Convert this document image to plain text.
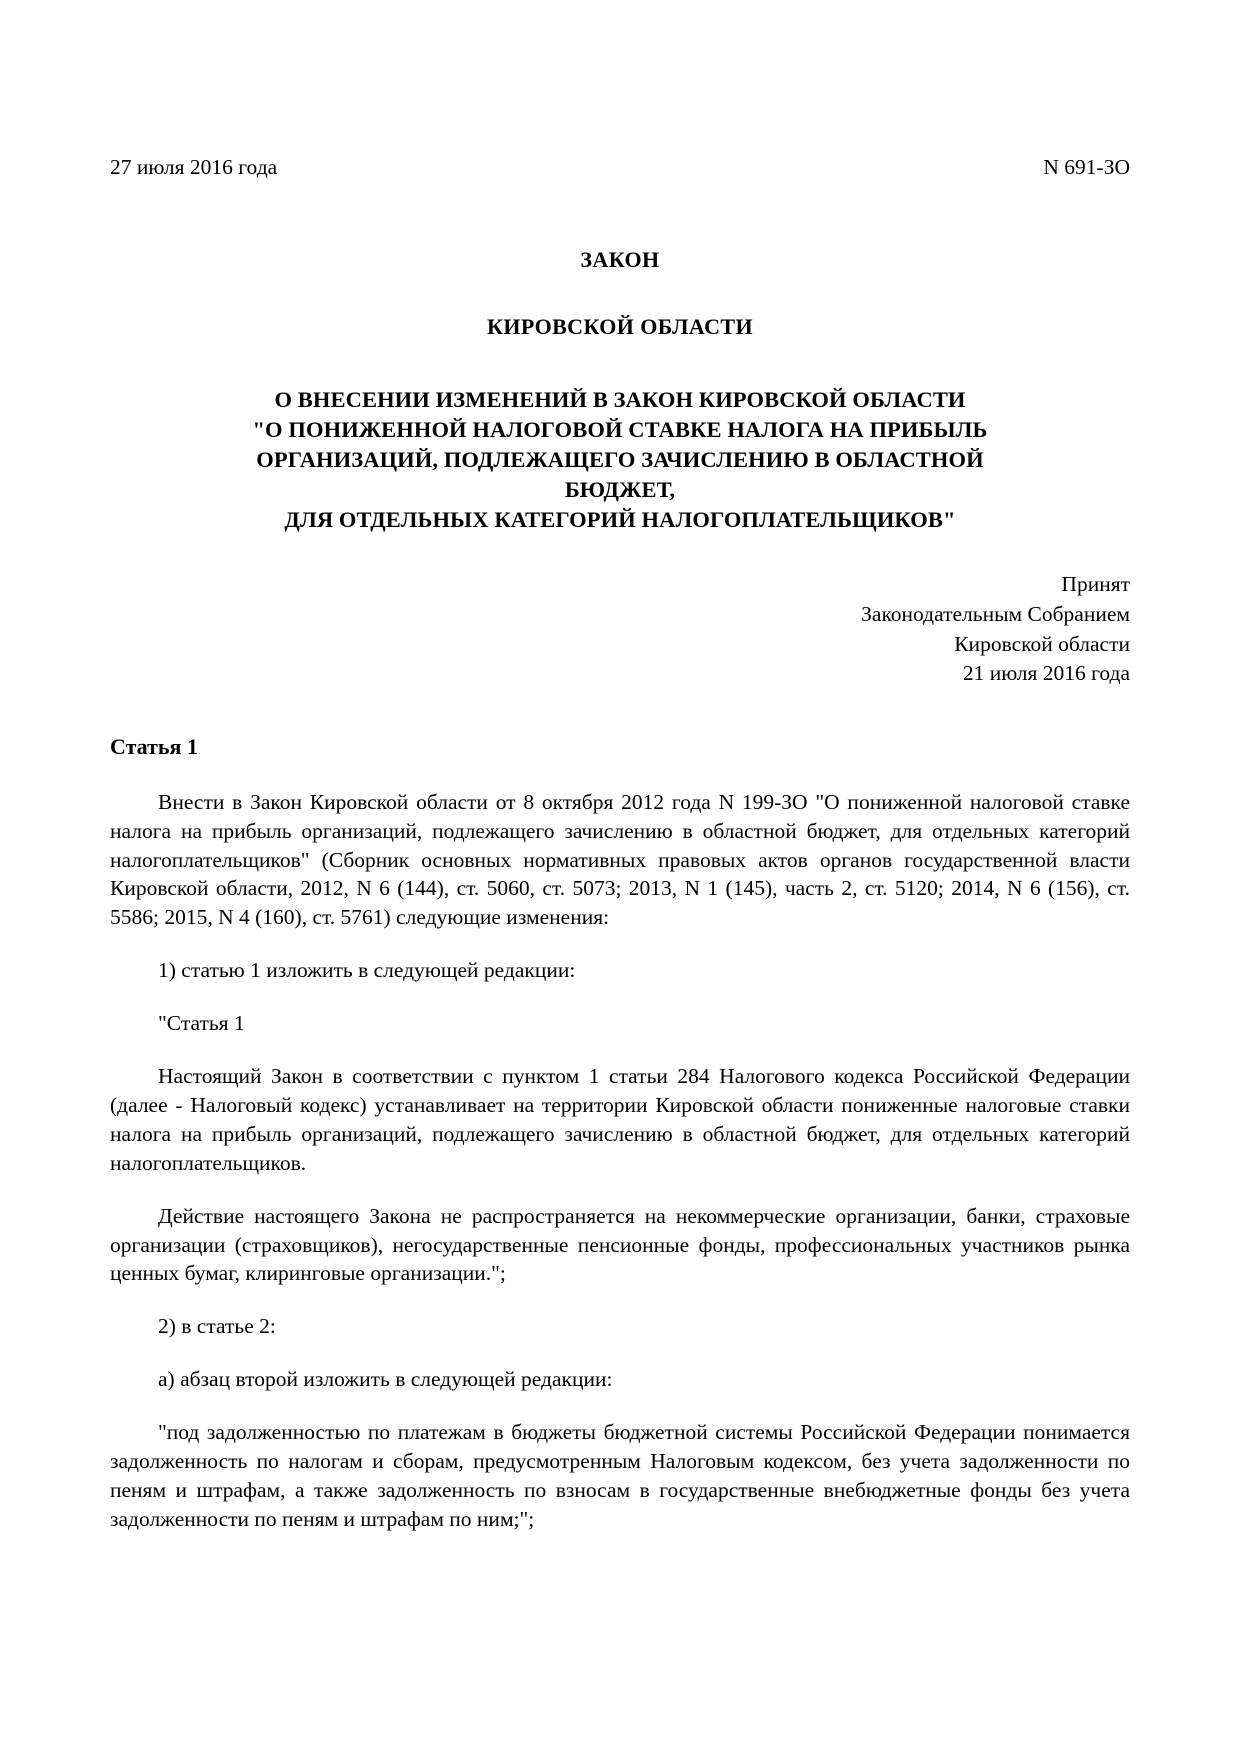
27 июля 2016 года	N 691-ЗО
ЗАКОН
КИРОВСКОЙ ОБЛАСТИ
О ВНЕСЕНИИ ИЗМЕНЕНИЙ В ЗАКОН КИРОВСКОЙ ОБЛАСТИ
"О ПОНИЖЕННОЙ НАЛОГОВОЙ СТАВКЕ НАЛОГА НА ПРИБЫЛЬ
ОРГАНИЗАЦИЙ, ПОДЛЕЖАЩЕГО ЗАЧИСЛЕНИЮ В ОБЛАСТНОЙ
БЮДЖЕТ,
ДЛЯ ОТДЕЛЬНЫХ КАТЕГОРИЙ НАЛОГОПЛАТЕЛЬЩИКОВ"
Принят
Законодательным Собранием
Кировской области
21 июля 2016 года
Статья 1

Внести в Закон Кировской области от 8 октября 2012 года N 199-ЗО "О пониженной налоговой ставке налога на прибыль организаций, подлежащего зачислению в областной бюджет, для отдельных категорий налогоплательщиков" (Сборник основных нормативных правовых актов органов государственной власти Кировской области, 2012, N 6 (144), ст. 5060, ст. 5073; 2013, N 1 (145), часть 2, ст. 5120; 2014, N 6 (156), ст. 5586; 2015, N 4 (160), ст. 5761) следующие изменения:

1) статью 1 изложить в следующей редакции:

"Статья 1

Настоящий Закон в соответствии с пунктом 1 статьи 284 Налогового кодекса Российской Федерации (далее - Налоговый кодекс) устанавливает на территории Кировской области пониженные налоговые ставки налога на прибыль организаций, подлежащего зачислению в областной бюджет, для отдельных категорий налогоплательщиков.

Действие настоящего Закона не распространяется на некоммерческие организации, банки, страховые организации (страховщиков), негосударственные пенсионные фонды, профессиональных участников рынка ценных бумаг, клиринговые организации.";

2) в статье 2:

а) абзац второй изложить в следующей редакции:

"под задолженностью по платежам в бюджеты бюджетной системы Российской Федерации понимается задолженность по налогам и сборам, предусмотренным Налоговым кодексом, без учета задолженности по пеням и штрафам, а также задолженность по взносам в государственные внебюджетные фонды без учета задолженности по пеням и штрафам по ним;";
